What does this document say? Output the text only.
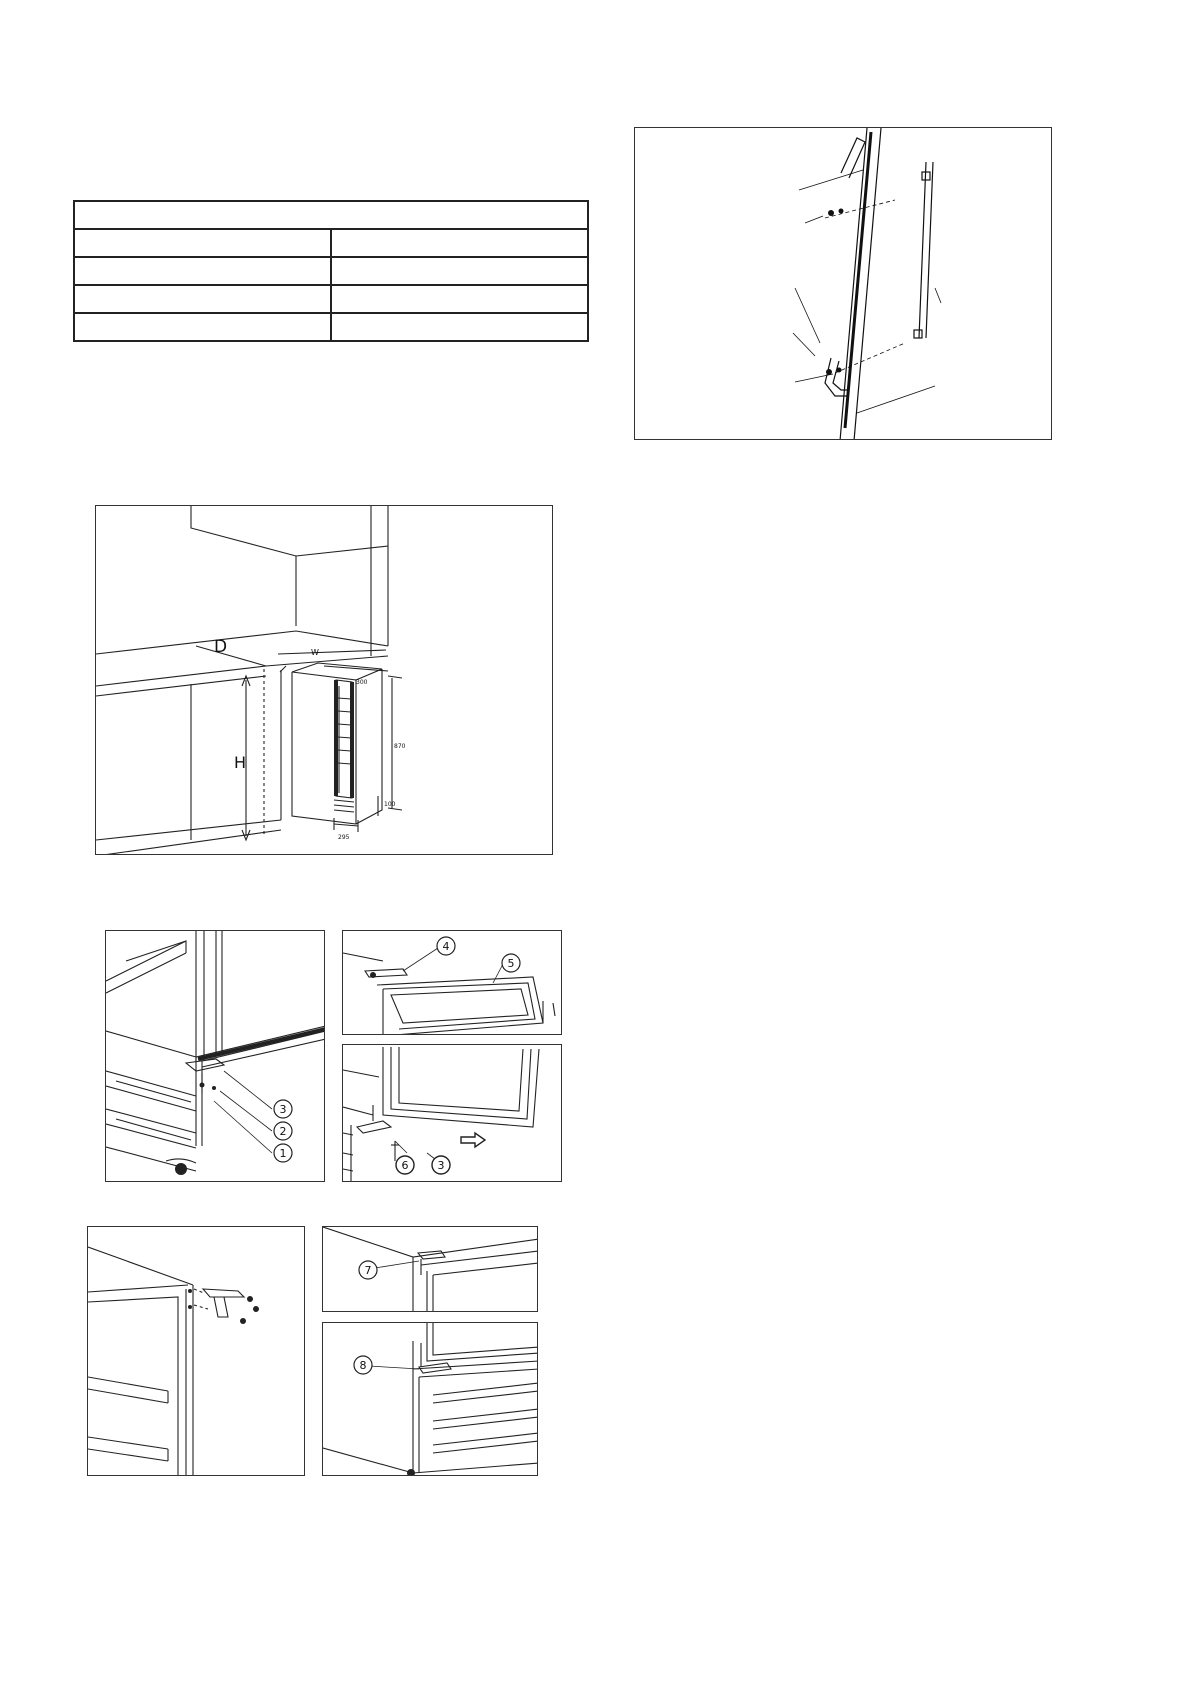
D	W
H
300
870
100
295
3
2
1
4
5
6	3
7
8
